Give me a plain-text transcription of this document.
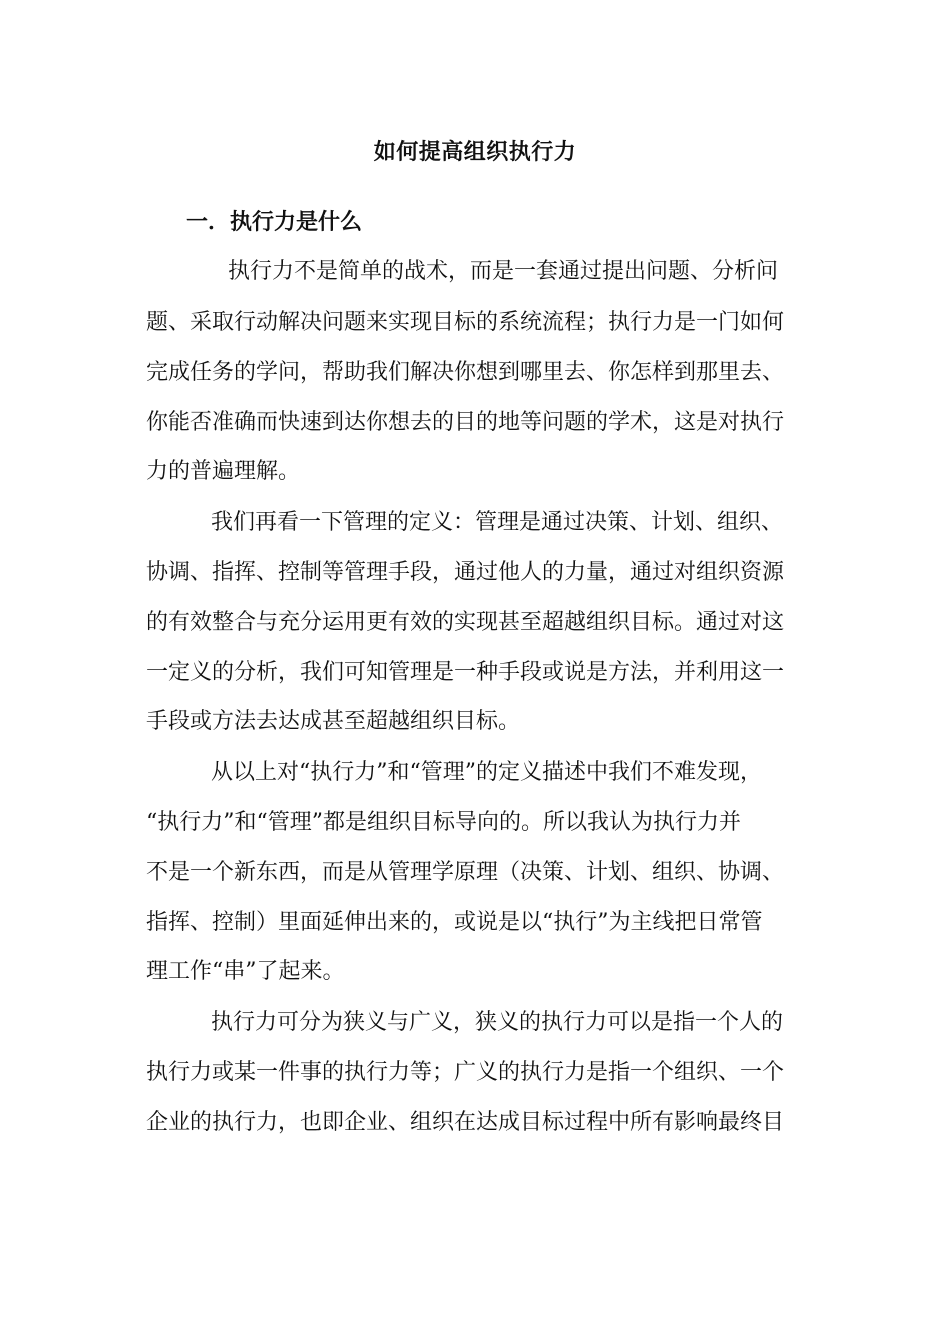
如何提高组织执行力
一．执行力是什么
执行力不是简单的战术，而是一套通过提出问题、分析问
题、采取行动解决问题来实现目标的系统流程；执行力是一门如何
完成任务的学问，帮助我们解决你想到哪里去、你怎样到那里去、
你能否准确而快速到达你想去的目的地等问题的学术，这是对执行
力的普遍理解。
我们再看一下管理的定义：管理是通过决策、计划、组织、
协调、指挥、控制等管理手段，通过他人的力量，通过对组织资源
的有效整合与充分运用更有效的实现甚至超越组织目标。通过对这
一定义的分析，我们可知管理是一种手段或说是方法，并利用这一
手段或方法去达成甚至超越组织目标。
从以上对“执行力”和“管理”的定义描述中我们不难发现，
“执行力”和“管理”都是组织目标导向的。所以我认为执行力并
不是一个新东西，而是从管理学原理（决策、计划、组织、协调、
指挥、控制）里面延伸出来的，或说是以“执行”为主线把日常管
理工作“串”了起来。
执行力可分为狭义与广义，狭义的执行力可以是指一个人的
执行力或某一件事的执行力等；广义的执行力是指一个组织、一个
企业的执行力，也即企业、组织在达成目标过程中所有影响最终目
